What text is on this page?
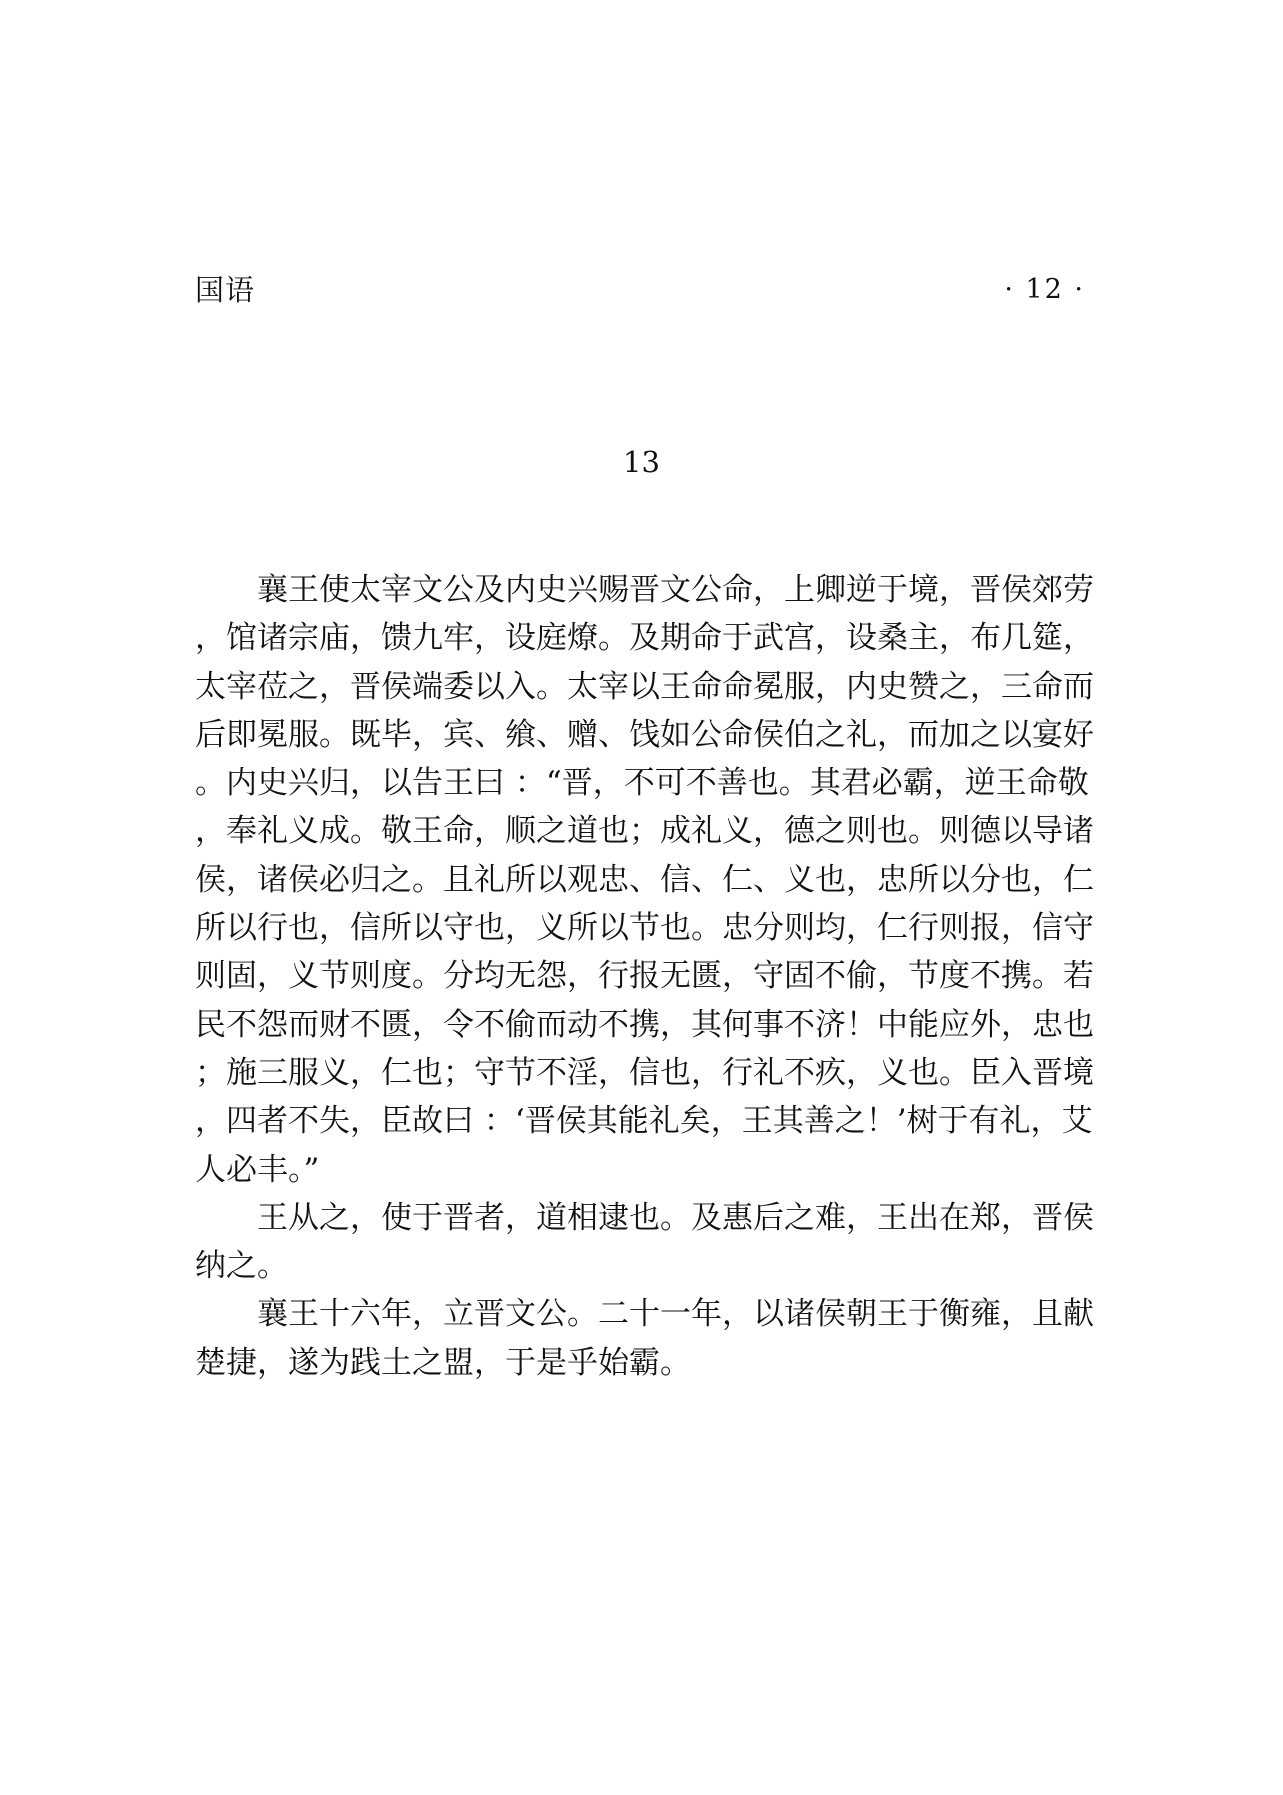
国语	· 12 ·
13

襄王使太宰文公及内史兴赐晋文公命，上卿逆于境，晋侯郊劳，馆诸宗庙，馈九牢，设庭燎。及期命于武宫，设桑主，布几筵，太宰莅之，晋侯端委以入。太宰以王命命冕服，内史赞之，三命而后即冕服。既毕，宾、飨、赠、饯如公命侯伯之礼，而加之以宴好。内史兴归，以告王曰 ：“晋，不可不善也。其君必霸，逆王命敬，奉礼义成。敬王命，顺之道也；成礼义，德之则也。则德以导诸侯，诸侯必归之。且礼所以观忠、信、仁、义也，忠所以分也，仁所以行也，信所以守也，义所以节也。忠分则均，仁行则报，信守则固，义节则度。分均无怨，行报无匮，守固不偷，节度不携。若民不怨而财不匮，令不偷而动不携，其何事不济！中能应外，忠也；施三服义，仁也；守节不淫，信也，行礼不疚，义也。臣入晋境，四者不失，臣故曰 ：‘晋侯其能礼矣，王其善之！’树于有礼，艾人必丰。”

王从之，使于晋者，道相逮也。及惠后之难，王出在郑，晋侯纳之。

襄王十六年，立晋文公。二十一年，以诸侯朝王于衡雍，且献楚捷，遂为践土之盟，于是乎始霸。
